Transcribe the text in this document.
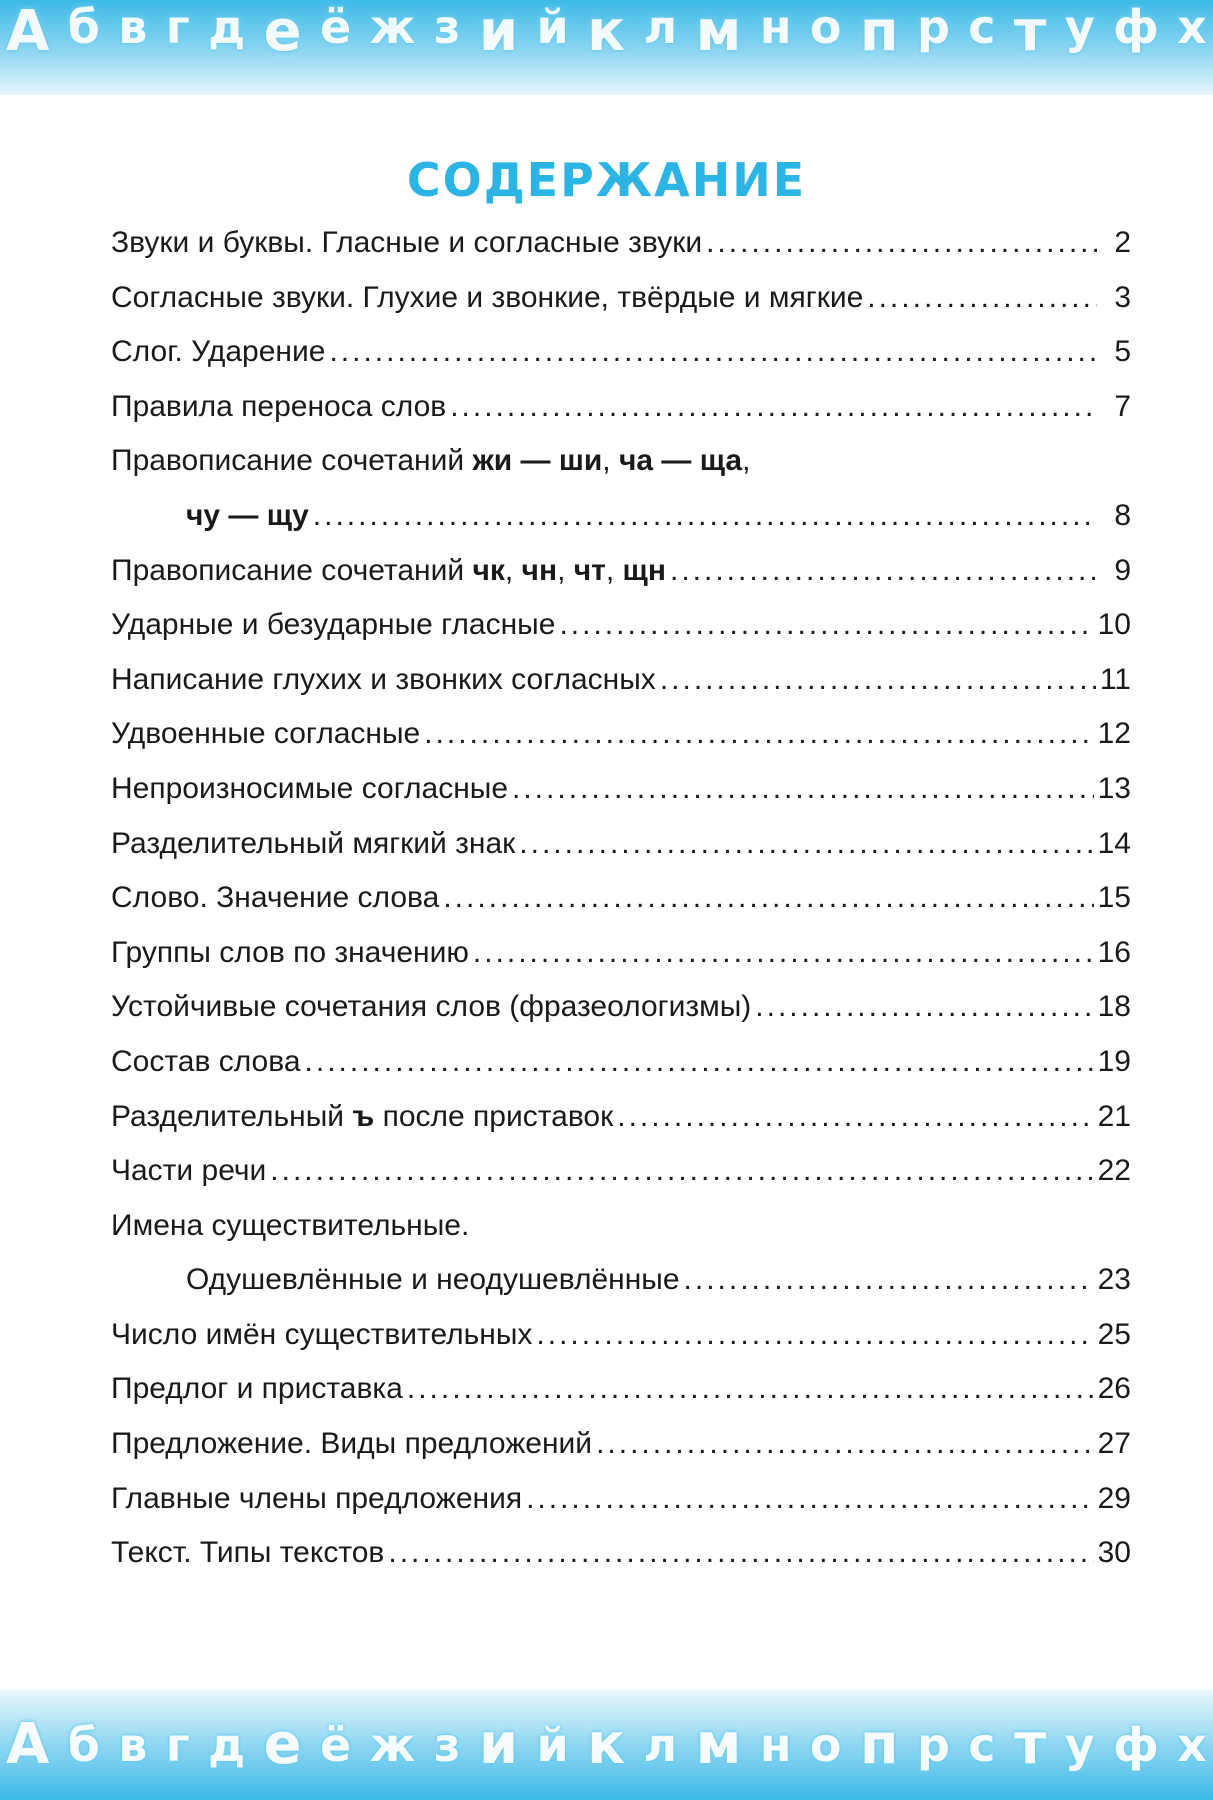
А б в г д е ё ж з и й к л м н о п р с т у ф х
СОДЕРЖАНИЕ
Звуки и буквы. Гласные и согласные звуки .....	2
Согласные звуки. Глухие и звонкие, твёрдые и мягкие .....	3
Слог. Ударение .....	5
Правила переноса слов .....	7
Правописание сочетаний жи — ши, ча — ща,
чу — щу .....	8
Правописание сочетаний чк, чн, чт, щн .....	9
Ударные и безударные гласные .....	10
Написание глухих и звонких согласных .....	11
Удвоенные согласные .....	12
Непроизносимые согласные .....	13
Разделительный мягкий знак .....	14
Слово. Значение слова .....	15
Группы слов по значению .....	16
Устойчивые сочетания слов (фразеологизмы) .....	18
Состав слова .....	19
Разделительный ъ после приставок .....	21
Части речи .....	22
Имена существительные.
Одушевлённые и неодушевлённые .....	23
Число имён существительных .....	25
Предлог и приставка .....	26
Предложение. Виды предложений .....	27
Главные члены предложения .....	29
Текст. Типы текстов .....	30
А б в г д е ё ж з и й к л м н о п р с т у ф х
